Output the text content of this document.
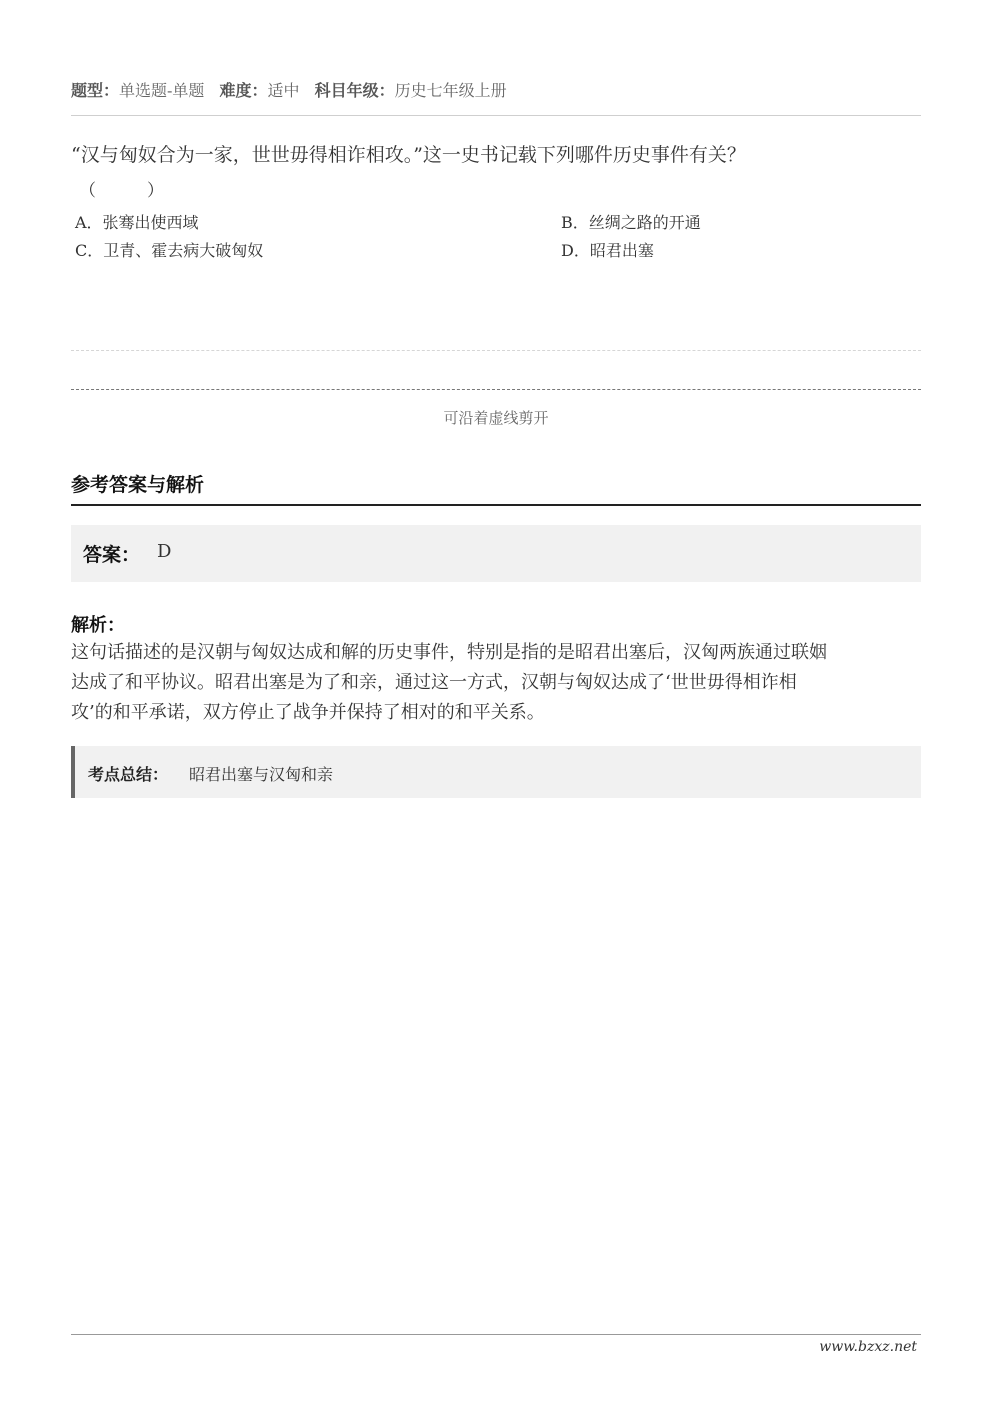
题型：单选题-单题 难度：适中 科目年级：历史七年级上册
“汉与匈奴合为一家，世世毋得相诈相攻。”这一史书记载下列哪件历史事件有关？
（　　　）
A．张骞出使西域	B．丝绸之路的开通
C．卫青、霍去病大破匈奴	D．昭君出塞
可沿着虚线剪开
参考答案与解析
答案： D
解析：
这句话描述的是汉朝与匈奴达成和解的历史事件，特别是指的是昭君出塞后，汉匈两族通过联姻
达成了和平协议。昭君出塞是为了和亲，通过这一方式，汉朝与匈奴达成了‘世世毋得相诈相
攻’的和平承诺，双方停止了战争并保持了相对的和平关系。
考点总结： 昭君出塞与汉匈和亲
www.bzxz.net
